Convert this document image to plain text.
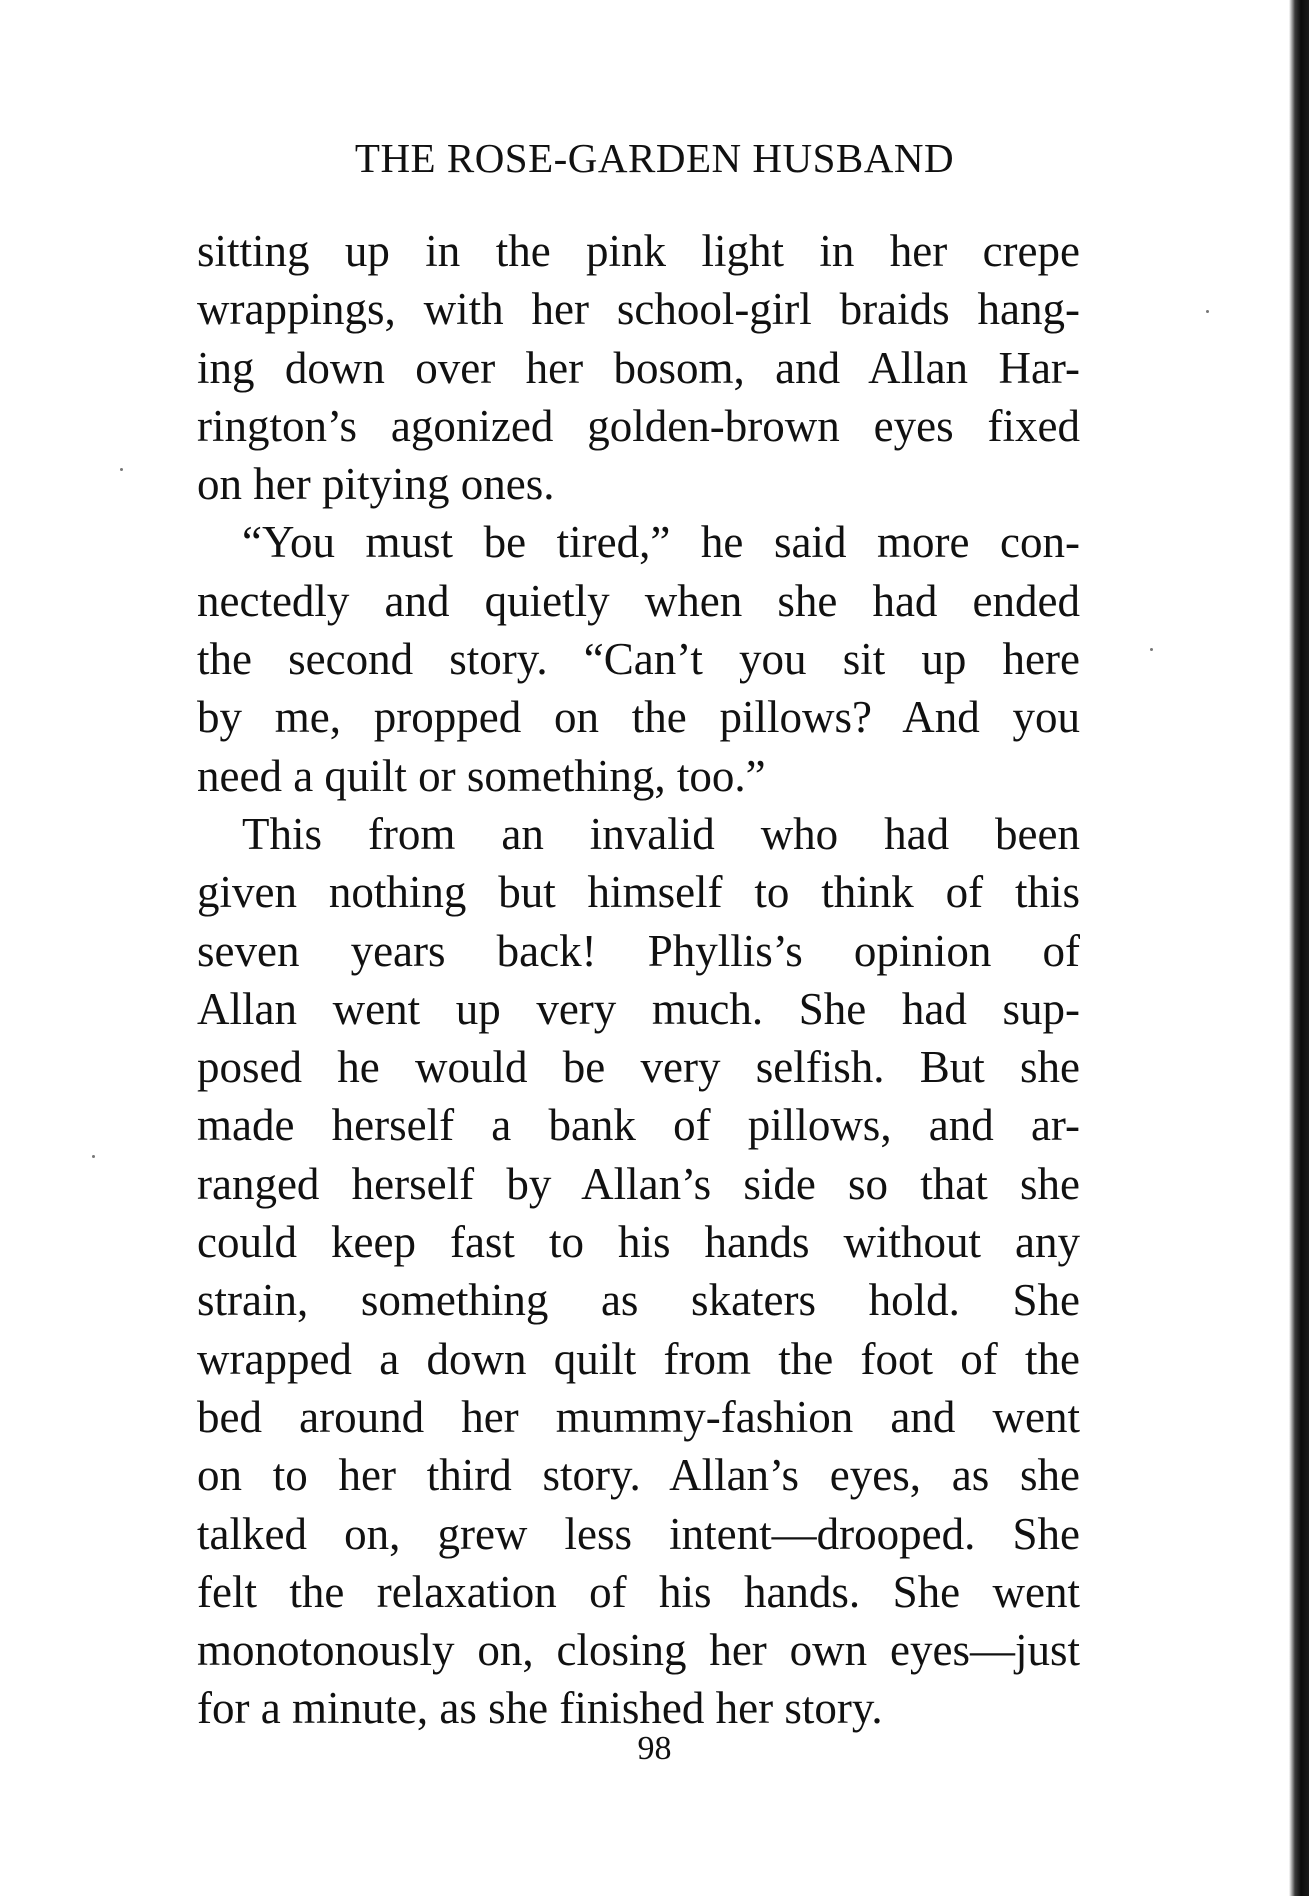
THE ROSE-GARDEN HUSBAND
sitting up in the pink light in her crepe
wrappings, with her school-girl braids hang-
ing down over her bosom, and Allan Har-
rington’s agonized golden-brown eyes fixed
on her pitying ones.
“You must be tired,” he said more con-
nectedly and quietly when she had ended
the second story. “Can’t you sit up here
by me, propped on the pillows? And you
need a quilt or something, too.”
This from an invalid who had been
given nothing but himself to think of this
seven years back! Phyllis’s opinion of
Allan went up very much. She had sup-
posed he would be very selfish. But she
made herself a bank of pillows, and ar-
ranged herself by Allan’s side so that she
could keep fast to his hands without any
strain, something as skaters hold. She
wrapped a down quilt from the foot of the
bed around her mummy-fashion and went
on to her third story. Allan’s eyes, as she
talked on, grew less intent—drooped. She
felt the relaxation of his hands. She went
monotonously on, closing her own eyes—just
for a minute, as she finished her story.
98
